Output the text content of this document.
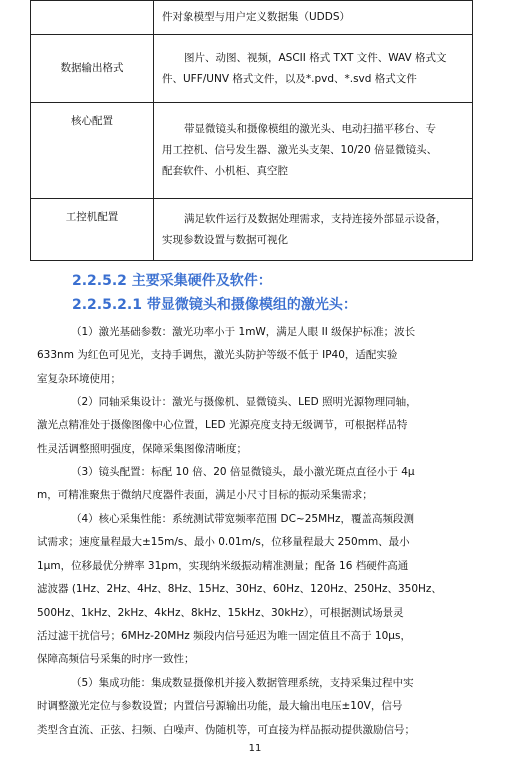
	件对象模型与用户定义数据集（UDDS）

数据输出格式	图片、动图、视频，ASCII 格式 TXT 文件、WAV 格式文
件、UFF/UNV 格式文件，以及*.pvd、*.svd 格式文件

核心配置	带显微镜头和摄像模组的激光头、电动扫描平移台、专
用工控机、信号发生器、激光头支架、10/20 倍显微镜头、
配套软件、小机柜、真空腔

工控机配置	满足软件运行及数据处理需求，支持连接外部显示设备，
实现参数设置与数据可视化
2.2.5.2 主要采集硬件及软件：
2.2.5.2.1 带显微镜头和摄像模组的激光头：
（1）激光基础参数：激光功率小于 1mW，满足人眼 II 级保护标准；波长
633nm 为红色可见光，支持手调焦，激光头防护等级不低于 IP40，适配实验
室复杂环境使用；
（2）同轴采集设计：激光与摄像机、显微镜头、LED 照明光源物理同轴，
激光点精准处于摄像图像中心位置，LED 光源亮度支持无级调节，可根据样品特
性灵活调整照明强度，保障采集图像清晰度；
（3）镜头配置：标配 10 倍、20 倍显微镜头，最小激光斑点直径小于 4μ
m，可精准聚焦于微纳尺度器件表面，满足小尺寸目标的振动采集需求；
（4）核心采集性能：系统测试带宽频率范围 DC~25MHz，覆盖高频段测
试需求；速度量程最大±15m/s、最小 0.01m/s，位移量程最大 250mm、最小
1μm，位移最优分辨率 31pm，实现纳米级振动精准测量；配备 16 档硬件高通
滤波器 (1Hz、2Hz、4Hz、8Hz、15Hz、30Hz、60Hz、120Hz、250Hz、350Hz、
500Hz、1kHz、2kHz、4kHz、8kHz、15kHz、30kHz），可根据测试场景灵
活过滤干扰信号；6MHz-20MHz 频段内信号延迟为唯一固定值且不高于 10μs，
保障高频信号采集的时序一致性；
（5）集成功能：集成数显摄像机并接入数据管理系统，支持采集过程中实
时调整激光定位与参数设置；内置信号源输出功能，最大输出电压±10V，信号
类型含直流、正弦、扫频、白噪声、伪随机等，可直接为样品振动提供激励信号；
11
